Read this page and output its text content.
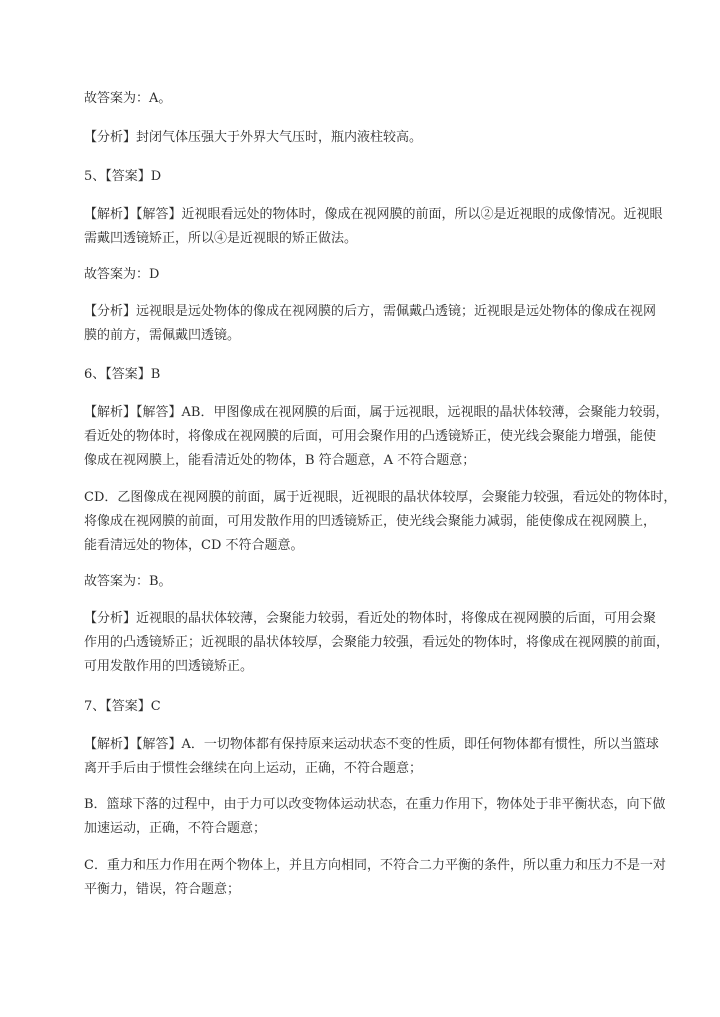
故答案为：A。
【分析】封闭气体压强大于外界大气压时，瓶内液柱较高。
5、【答案】D
【解析】【解答】近视眼看远处的物体时，像成在视网膜的前面，所以②是近视眼的成像情况。近视眼
需戴凹透镜矫正，所以④是近视眼的矫正做法。
故答案为：D
【分析】远视眼是远处物体的像成在视网膜的后方，需佩戴凸透镜；近视眼是远处物体的像成在视网
膜的前方，需佩戴凹透镜。
6、【答案】B
【解析】【解答】AB．甲图像成在视网膜的后面，属于远视眼，远视眼的晶状体较薄，会聚能力较弱，
看近处的物体时，将像成在视网膜的后面，可用会聚作用的凸透镜矫正，使光线会聚能力增强，能使
像成在视网膜上，能看清近处的物体，B 符合题意，A 不符合题意；
CD．乙图像成在视网膜的前面，属于近视眼，近视眼的晶状体较厚，会聚能力较强，看远处的物体时，
将像成在视网膜的前面，可用发散作用的凹透镜矫正，使光线会聚能力减弱，能使像成在视网膜上，
能看清远处的物体，CD 不符合题意。
故答案为：B。
【分析】近视眼的晶状体较薄，会聚能力较弱，看近处的物体时，将像成在视网膜的后面，可用会聚
作用的凸透镜矫正；近视眼的晶状体较厚，会聚能力较强，看远处的物体时，将像成在视网膜的前面，
可用发散作用的凹透镜矫正。
7、【答案】C
【解析】【解答】A．一切物体都有保持原来运动状态不变的性质，即任何物体都有惯性，所以当篮球
离开手后由于惯性会继续在向上运动，正确，不符合题意；
B．篮球下落的过程中，由于力可以改变物体运动状态，在重力作用下，物体处于非平衡状态，向下做
加速运动，正确，不符合题意；
C．重力和压力作用在两个物体上，并且方向相同，不符合二力平衡的条件，所以重力和压力不是一对
平衡力，错误，符合题意；
